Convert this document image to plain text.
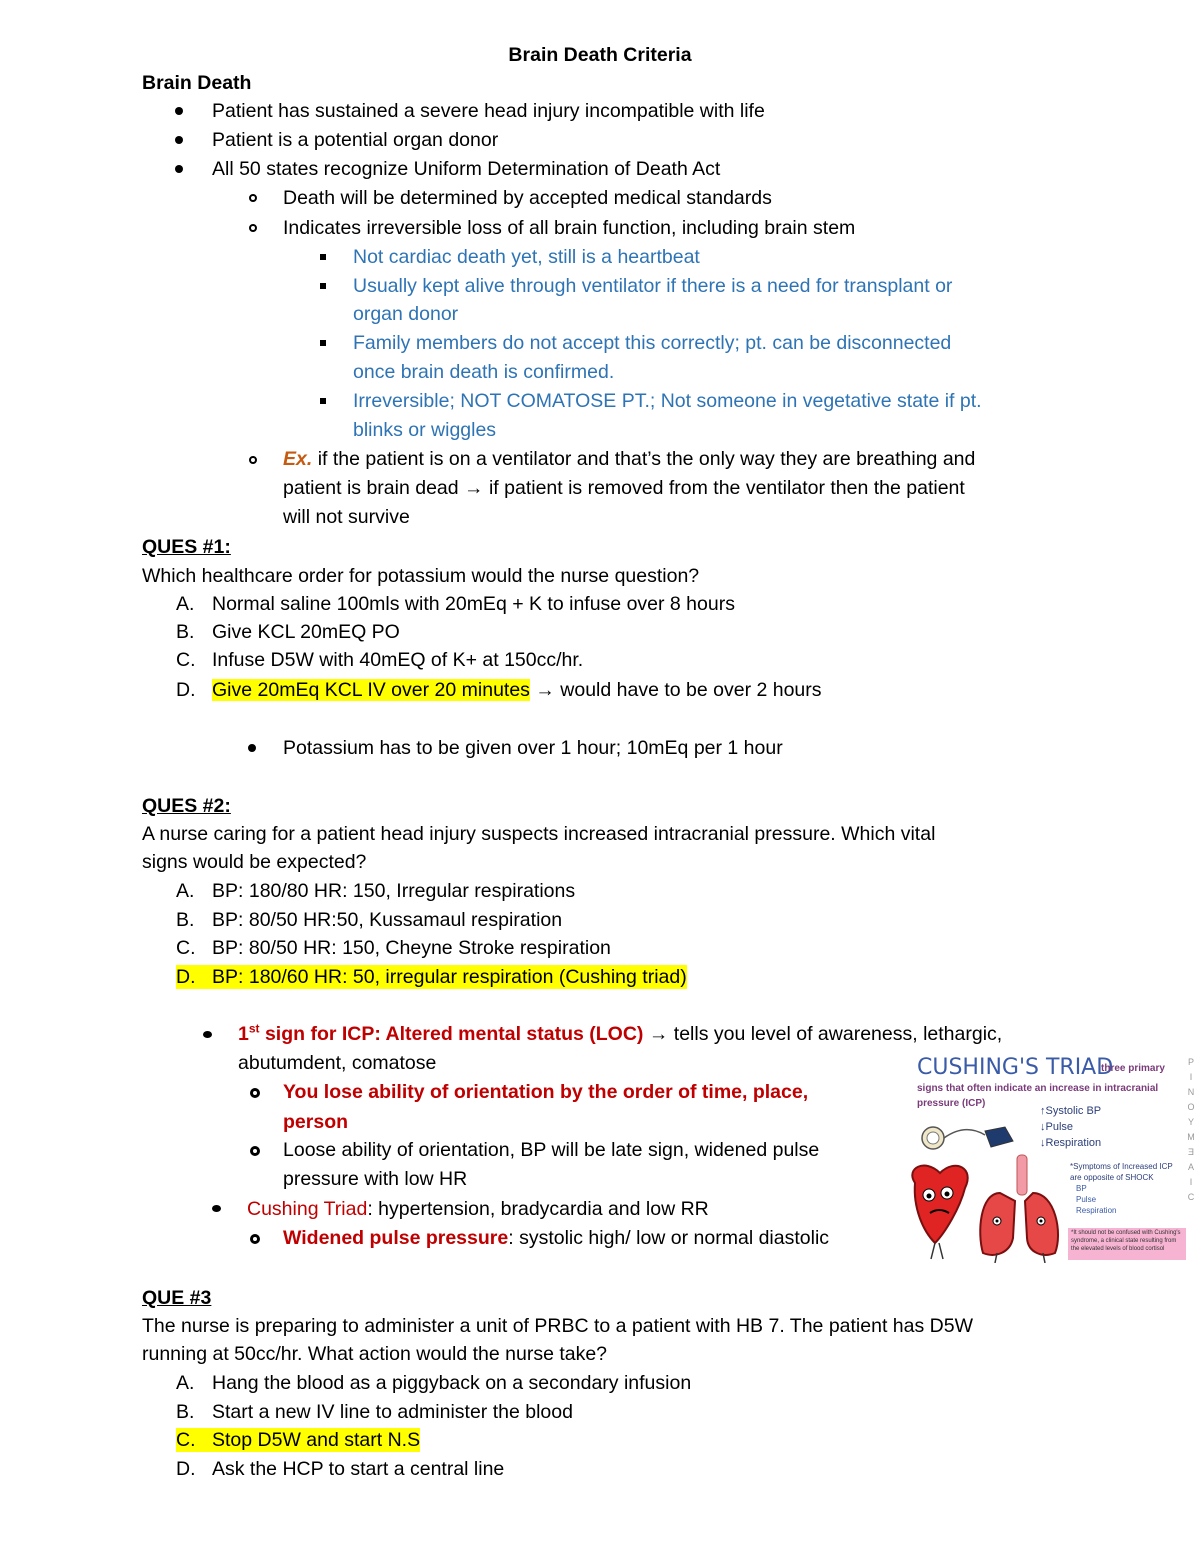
Brain Death Criteria
Brain Death
Patient has sustained a severe head injury incompatible with life
Patient is a potential organ donor
All 50 states recognize Uniform Determination of Death Act
Death will be determined by accepted medical standards
Indicates irreversible loss of all brain function, including brain stem
Not cardiac death yet, still is a heartbeat
Usually kept alive through ventilator if there is a need for transplant or
organ donor
Family members do not accept this correctly; pt. can be disconnected
once brain death is confirmed.
Irreversible; NOT COMATOSE PT.; Not someone in vegetative state if pt.
blinks or wiggles
Ex. if the patient is on a ventilator and that’s the only way they are breathing and
patient is brain dead → if patient is removed from the ventilator then the patient
will not survive
QUES #1:
Which healthcare order for potassium would the nurse question?
A. Normal saline 100mls with 20mEq + K to infuse over 8 hours
B. Give KCL 20mEQ PO
C. Infuse D5W with 40mEQ of K+ at 150cc/hr.
D. Give 20mEq KCL IV over 20 minutes → would have to be over 2 hours
Potassium has to be given over 1 hour; 10mEq per 1 hour
QUES #2:
A nurse caring for a patient head injury suspects increased intracranial pressure. Which vital
signs would be expected?
A. BP: 180/80 HR: 150, Irregular respirations
B. BP: 80/50 HR:50, Kussamaul respiration
C. BP: 80/50 HR: 150, Cheyne Stroke respiration
D.
BP: 180/60 HR: 50, irregular respiration (Cushing triad)
1st sign for ICP: Altered mental status (LOC) → tells you level of awareness, lethargic,
abutumdent, comatose
You lose ability of orientation by the order of time, place,
person
Loose ability of orientation, BP will be late sign, widened pulse
pressure with low HR
Cushing Triad: hypertension, bradycardia and low RR
Widened pulse pressure: systolic high/ low or normal diastolic
CUSHING'S TRIAD
three primary
signs that often indicate an increase in intracranial
pressure (ICP)
↑Systolic BP
↓Pulse
↓Respiration
*Symptoms of Increased ICP
are opposite of SHOCK
BP
Pulse
Respiration
*It should not be confused with Cushing's syndrome, a clinical state resulting from the elevated levels of blood cortisol
P
I
N
O
Y
M
Ǝ
A
I
C
QUE #3
The nurse is preparing to administer a unit of PRBC to a patient with HB 7. The patient has D5W
running at 50cc/hr. What action would the nurse take?
A. Hang the blood as a piggyback on a secondary infusion
B. Start a new IV line to administer the blood
C.
Stop D5W and start N.S
D. Ask the HCP to start a central line
